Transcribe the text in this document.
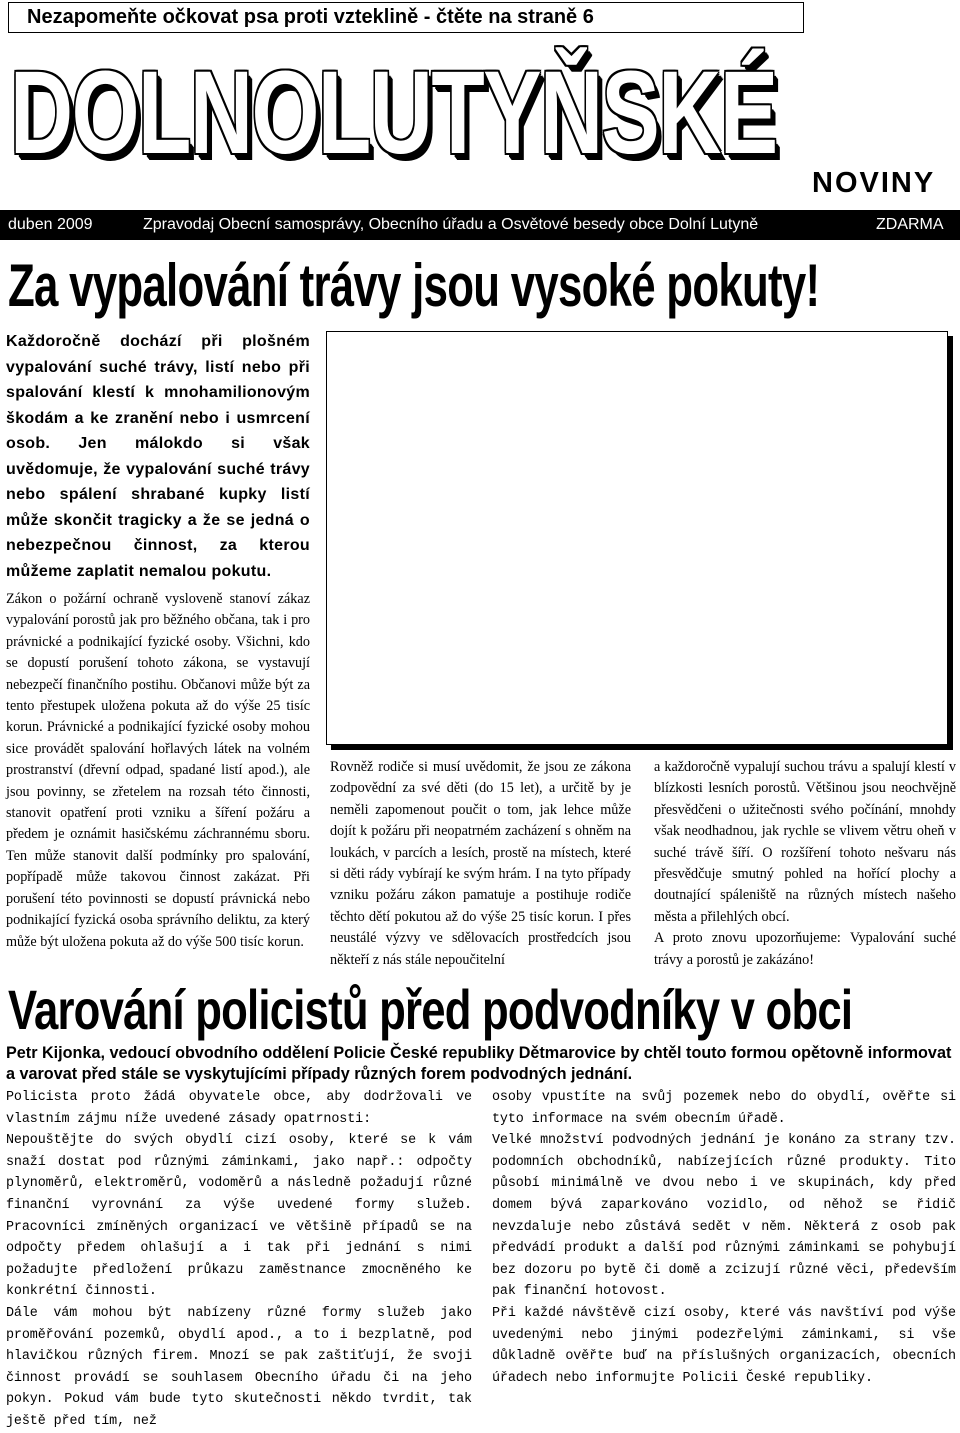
Nezapomeňte očkovat psa proti vzteklině - čtěte na straně 6
DOLNOLUTYŇSKÉ
NOVINY
duben 2009	Zpravodaj Obecní samosprávy, Obecního úřadu a Osvětové besedy obce Dolní Lutyně	ZDARMA
Za vypalování trávy jsou vysoké pokuty!
Každoročně dochází při plošném vypalování suché trávy, listí nebo při spalování klestí k mnohamilionovým škodám a ke zranění nebo i usmrcení osob. Jen málokdo si však uvědomuje, že vypalování suché trávy nebo spálení shrabané kupky listí může skončit tragicky a že se jedná o nebezpečnou činnost, za kterou můžeme zaplatit nemalou pokutu.
Zákon o požární ochraně vysloveně stanoví zákaz vypalování porostů jak pro běžného občana, tak i pro právnické a podnikající fyzické osoby. Všichni, kdo se dopustí porušení tohoto zákona, se vystavují nebezpečí finančního postihu. Občanovi může být za tento přestupek uložena pokuta až do výše 25 tisíc korun. Právnické a podnikající fyzické osoby mohou sice provádět spalování hořlavých látek na volném prostranství (dřevní odpad, spadané listí apod.), ale jsou povinny, se zřetelem na rozsah této činnosti, stanovit opatření proti vzniku a šíření požáru a předem je oznámit hasičskému záchrannému sboru. Ten může stanovit další podmínky pro spalování, popřípadě může takovou činnost zakázat. Při porušení této povinnosti se dopustí právnická nebo podnikající fyzická osoba správního deliktu, za který může být uložena pokuta až do výše 500 tisíc korun.
Rovněž rodiče si musí uvědomit, že jsou ze zákona zodpovědní za své děti (do 15 let), a určitě by je neměli zapomenout poučit o tom, jak lehce může dojít k požáru při neopatrném zacházení s ohněm na loukách, v parcích a lesích, prostě na místech, které si děti rády vybírají ke svým hrám. I na tyto případy vzniku požáru zákon pamatuje a postihuje rodiče těchto dětí pokutou až do výše 25 tisíc korun. I přes neustálé výzvy ve sdělovacích prostředcích jsou někteří z nás stále nepoučitelní

a každoročně vypalují suchou trávu a spalují klestí v blízkosti lesních porostů. Většinou jsou neochvějně přesvědčeni o užitečnosti svého počínání, mnohdy však neodhadnou, jak rychle se vlivem větru oheň v suché trávě šíří. O rozšíření tohoto nešvaru nás přesvědčuje smutný pohled na hořící plochy a doutnající spáleniště na různých místech našeho města a přilehlých obcí.

A proto znovu upozorňujeme: Vypalování suché trávy a porostů je zakázáno!

Varování policistů před podvodníky v obci
Petr Kijonka, vedoucí obvodního oddělení Policie České republiky Dětmarovice by chtěl touto formou opětovně informovat a varovat před stále se vyskytujícími případy různých forem podvodných jednání.

Policista proto žádá obyvatele obce, aby dodržovali ve vlastním zájmu níže uvedené zásady opatrnosti:

Nepouštějte do svých obydlí cizí osoby, které se k vám snaží dostat pod různými záminkami, jako např.: odpočty plynoměrů, elektroměrů, vodoměrů a následně požadují různé finanční vyrovnání za výše uvedené formy služeb. Pracovníci zmíněných organizací ve většině případů se na odpočty předem ohlašují a i tak při jednání s nimi požadujte předložení průkazu zaměstnance zmocněného ke konkrétní činnosti.

Dále vám mohou být nabízeny různé formy služeb jako proměřování pozemků, obydlí apod., a to i bezplatně, pod hlavičkou různých firem. Mnozí se pak zaštiťují, že svoji činnost provádí se souhlasem Obecního úřadu či na jeho pokyn. Pokud vám bude tyto skutečnosti někdo tvrdit, tak ještě před tím, než

osoby vpustíte na svůj pozemek nebo do obydlí, ověřte si tyto informace na svém obecním úřadě.

Velké množství podvodných jednání je konáno za strany tzv. podomních obchodníků, nabízejících různé produkty. Tito působí minimálně ve dvou nebo i ve skupinách, kdy před domem bývá zaparkováno vozidlo, od něhož se řidič nevzdaluje nebo zůstává sedět v něm. Některá z osob pak předvádí produkt a další pod různými záminkami se pohybují bez dozoru po bytě či domě a zcizují různé věci, především pak finanční hotovost.

Při každé návštěvě cizí osoby, které vás navštíví pod výše uvedenými nebo jinými podezřelými záminkami, si vše důkladně ověřte buď na příslušných organizacích, obecních úřadech nebo informujte Policii České republiky.
